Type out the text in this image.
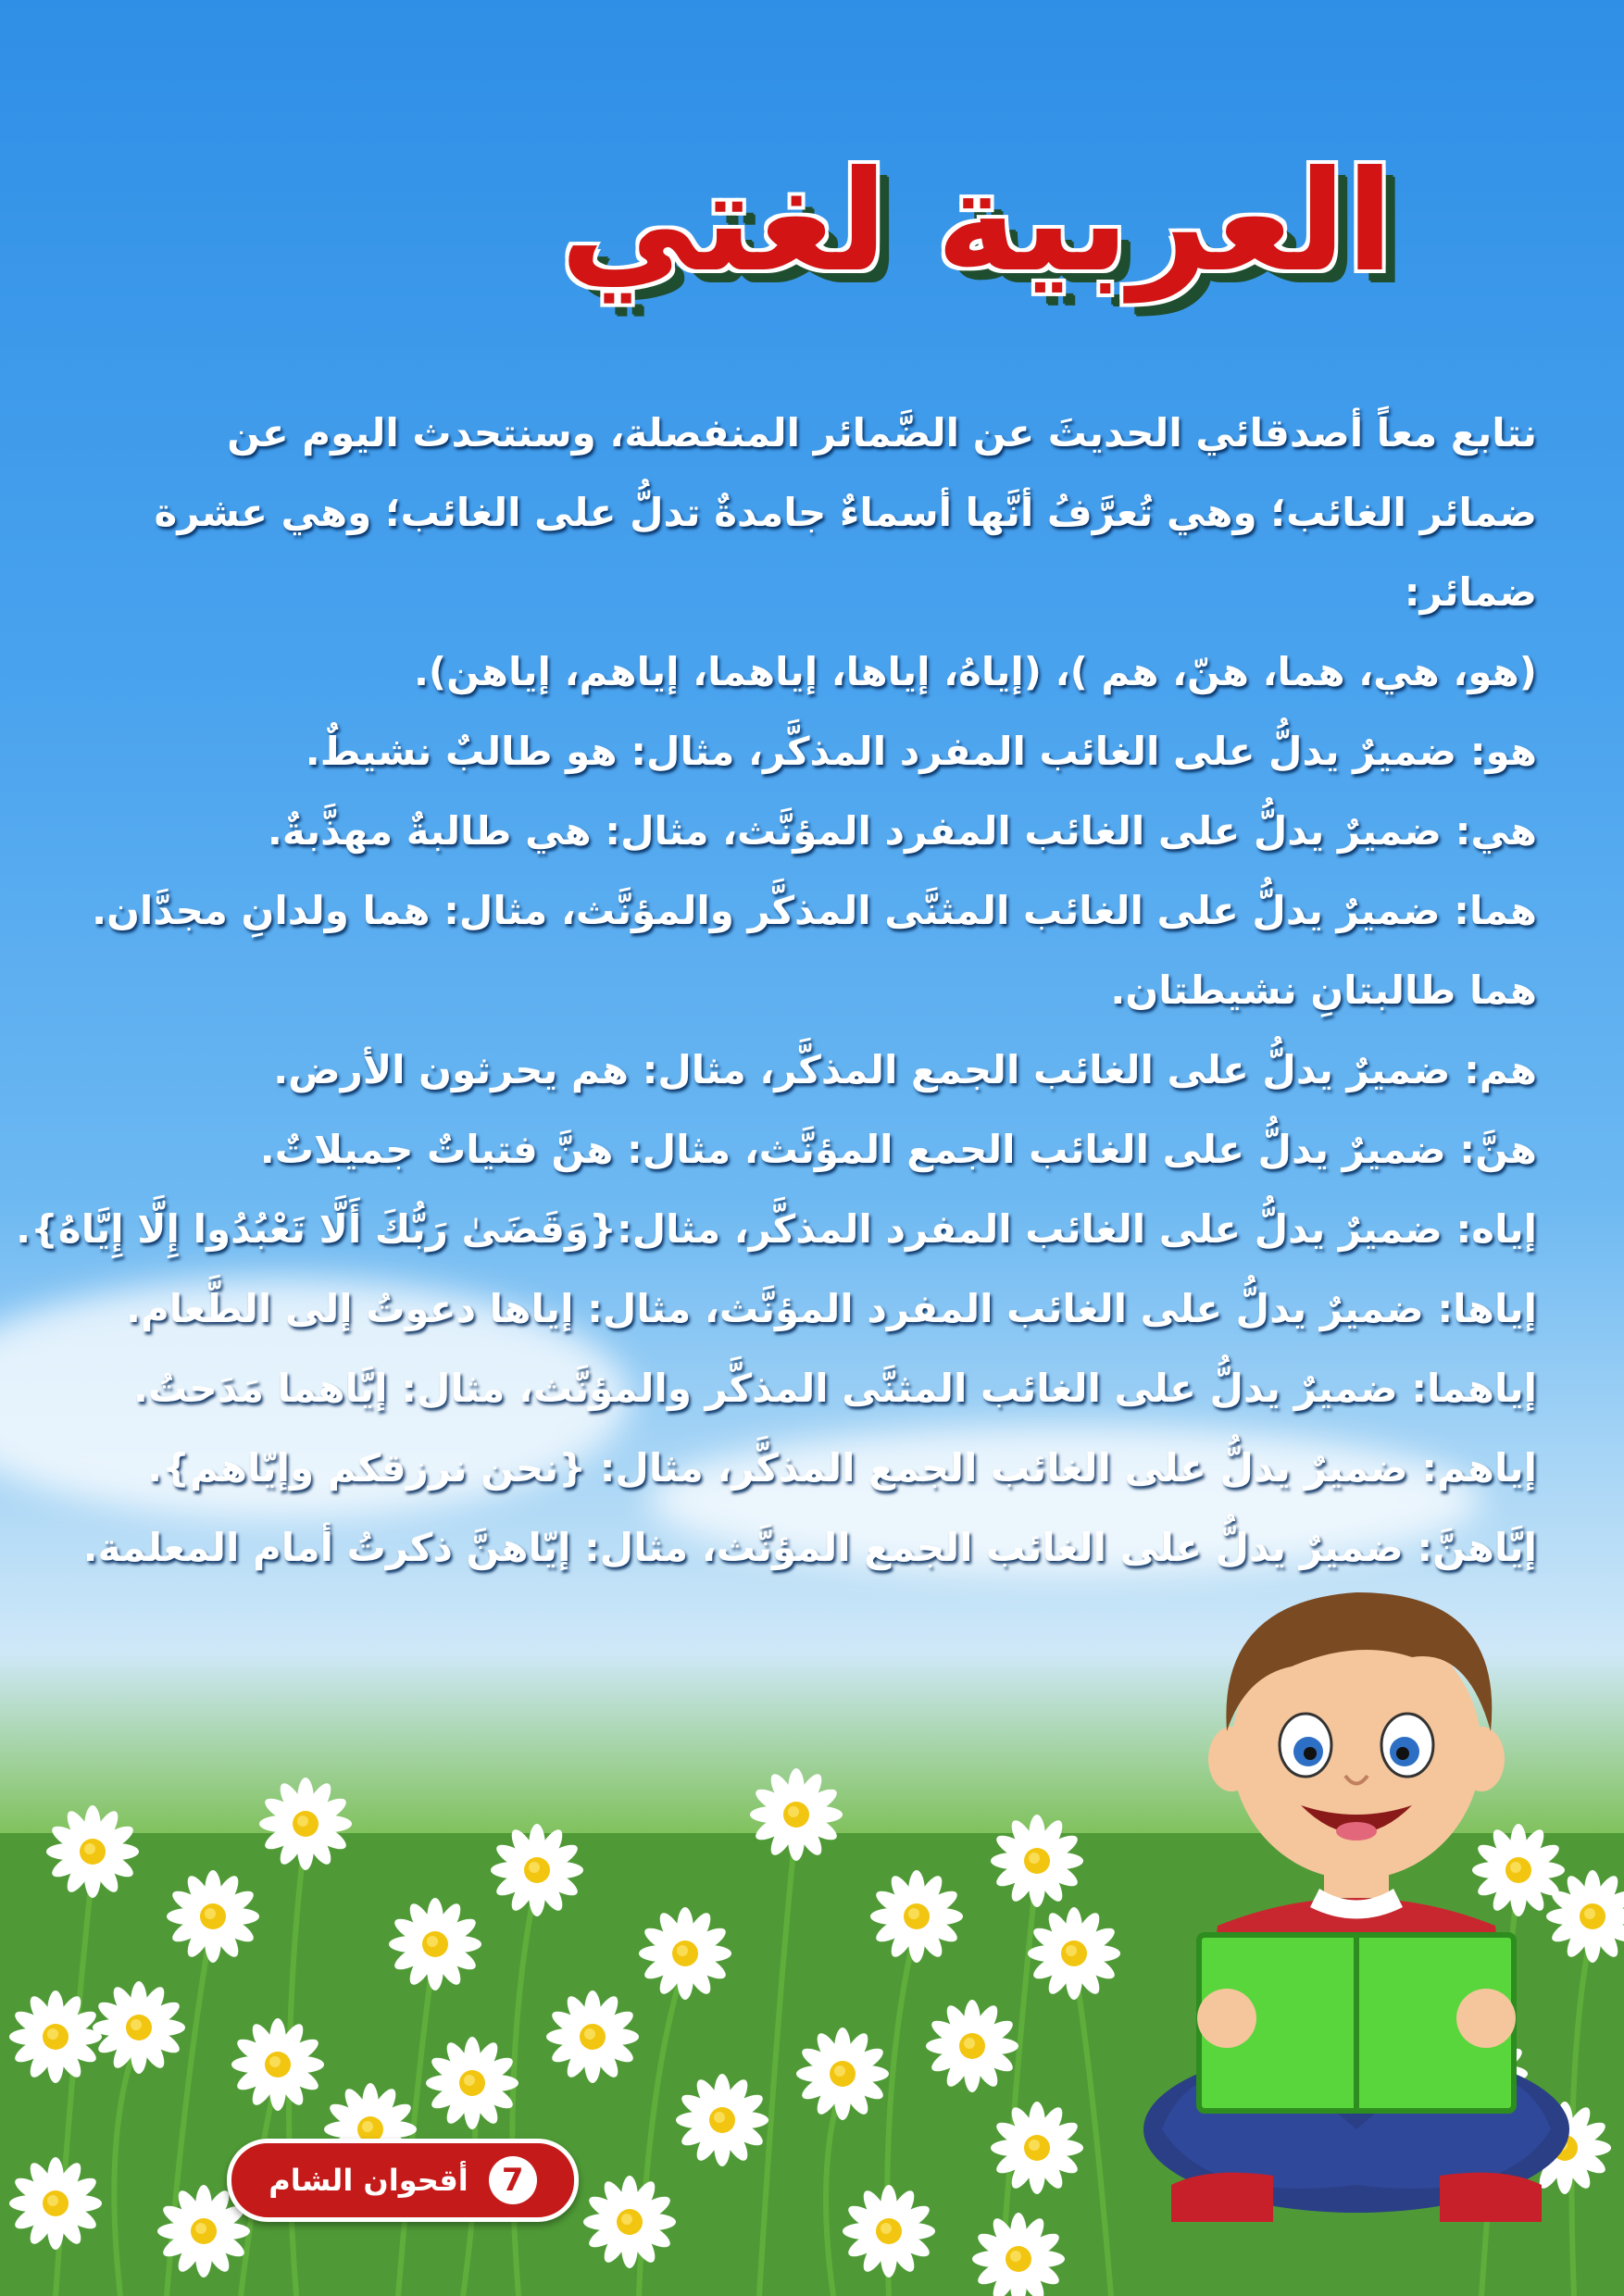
العربية لغتي

نتابع معاً أصدقائي الحديثَ عن الضَّمائر المنفصلة، وسنتحدث اليوم عن ضمائر الغائب؛ وهي تُعرَّفُ أنَّها أسماءٌ جامدةٌ تدلُّ على الغائب؛ وهي عشرة ضمائر:

(هو، هي، هما، هنّ، هم )، (إياهُ، إياها، إياهما، إياهم، إياهن).

هو: ضميرٌ يدلُّ على الغائب المفرد المذكَّر، مثال: هو طالبٌ نشيطٌ.

هي: ضميرٌ يدلُّ على الغائب المفرد المؤنَّث، مثال: هي طالبةٌ مهذَّبةٌ.

هما: ضميرٌ يدلُّ على الغائب المثنَّى المذكَّر والمؤنَّث، مثال: هما ولدانِ مجدَّان.

هما طالبتانِ نشيطتان.

هم: ضميرٌ يدلُّ على الغائب الجمع المذكَّر، مثال: هم يحرثون الأرض.

هنَّ: ضميرٌ يدلُّ على الغائب الجمع المؤنَّث، مثال: هنَّ فتياتٌ جميلاتٌ.

إياه: ضميرٌ يدلُّ على الغائب المفرد المذكَّر، مثال:{وَقَضَىٰ رَبُّكَ أَلَّا تَعْبُدُوا إِلَّا إِيَّاهُ}.

إياها: ضميرٌ يدلُّ على الغائب المفرد المؤنَّث، مثال: إياها دعوتُ إلى الطَّعام.

إياهما: ضميرٌ يدلُّ على الغائب المثنَّى المذكَّر والمؤنَّث، مثال: إيَّاهما مَدَحتُ.

إياهم: ضميرٌ يدلُّ على الغائب الجمع المذكَّر، مثال: {نحن نرزقكم وإيّاهم}.

إيَّاهنَّ: ضميرٌ يدلُّ على الغائب الجمع المؤنَّث، مثال: إيّاهنَّ ذكرتُ أمام المعلمة.

7
أقحوان الشام
